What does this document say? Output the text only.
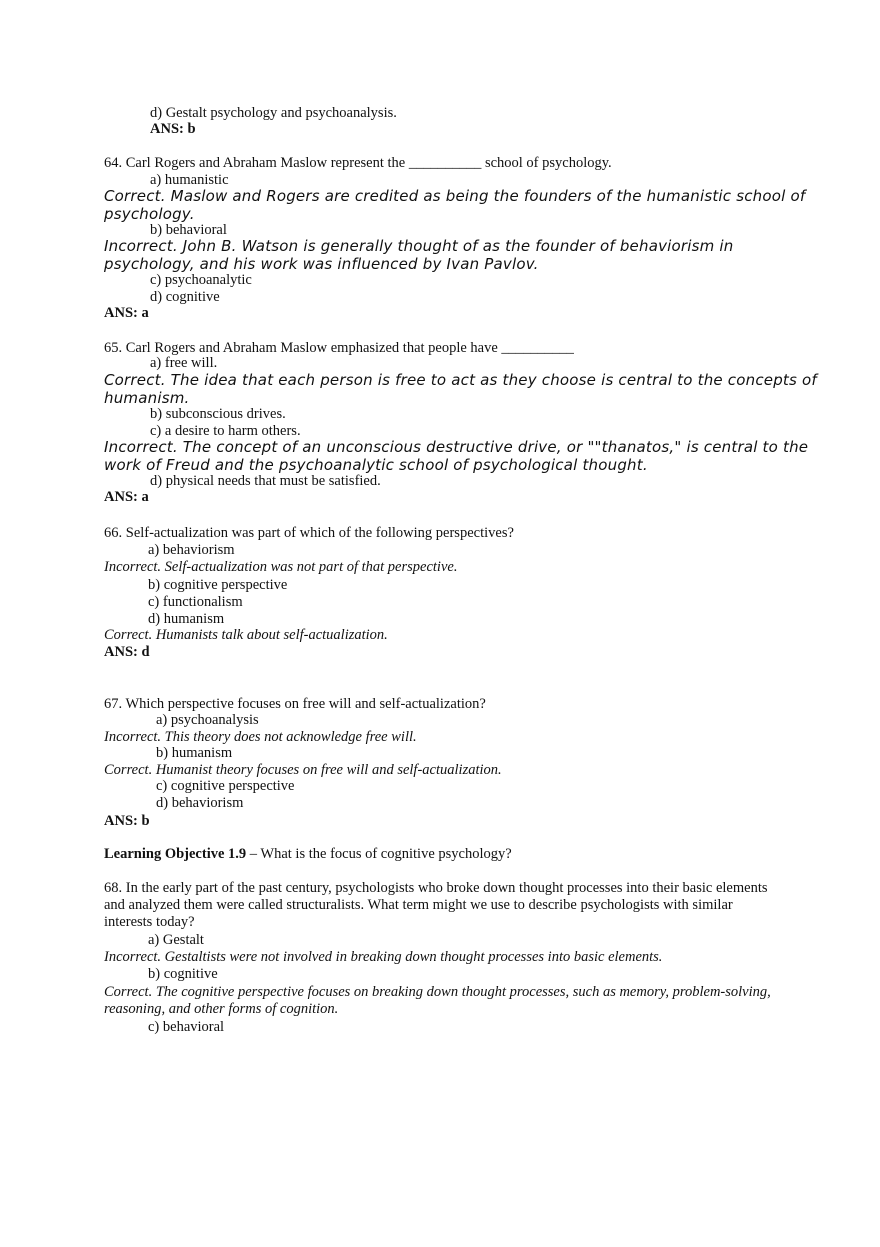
d) Gestalt psychology and psychoanalysis.
ANS: b
64. Carl Rogers and Abraham Maslow represent the __________ school of psychology.
a) humanistic
Correct. Maslow and Rogers are credited as being the founders of the humanistic school of
psychology.
b) behavioral
Incorrect. John B. Watson is generally thought of as the founder of behaviorism in
psychology, and his work was influenced by Ivan Pavlov.
c) psychoanalytic
d) cognitive
ANS: a
65. Carl Rogers and Abraham Maslow emphasized that people have __________
a) free will.
Correct. The idea that each person is free to act as they choose is central to the concepts of
humanism.
b) subconscious drives.
c) a desire to harm others.
Incorrect. The concept of an unconscious destructive drive, or ""thanatos," is central to the
work of Freud and the psychoanalytic school of psychological thought.
d) physical needs that must be satisfied.
ANS: a
66. Self-actualization was part of which of the following perspectives?
a) behaviorism
Incorrect. Self-actualization was not part of that perspective.
b) cognitive perspective
c) functionalism
d) humanism
Correct. Humanists talk about self-actualization.
ANS: d
67. Which perspective focuses on free will and self-actualization?
a) psychoanalysis
Incorrect. This theory does not acknowledge free will.
b) humanism
Correct. Humanist theory focuses on free will and self-actualization.
c) cognitive perspective
d) behaviorism
ANS: b
Learning Objective 1.9 – What is the focus of cognitive psychology?
68. In the early part of the past century, psychologists who broke down thought processes into their basic elements
and analyzed them were called structuralists. What term might we use to describe psychologists with similar
interests today?
a) Gestalt
Incorrect. Gestaltists were not involved in breaking down thought processes into basic elements.
b) cognitive
Correct. The cognitive perspective focuses on breaking down thought processes, such as memory, problem-solving,
reasoning, and other forms of cognition.
c) behavioral
